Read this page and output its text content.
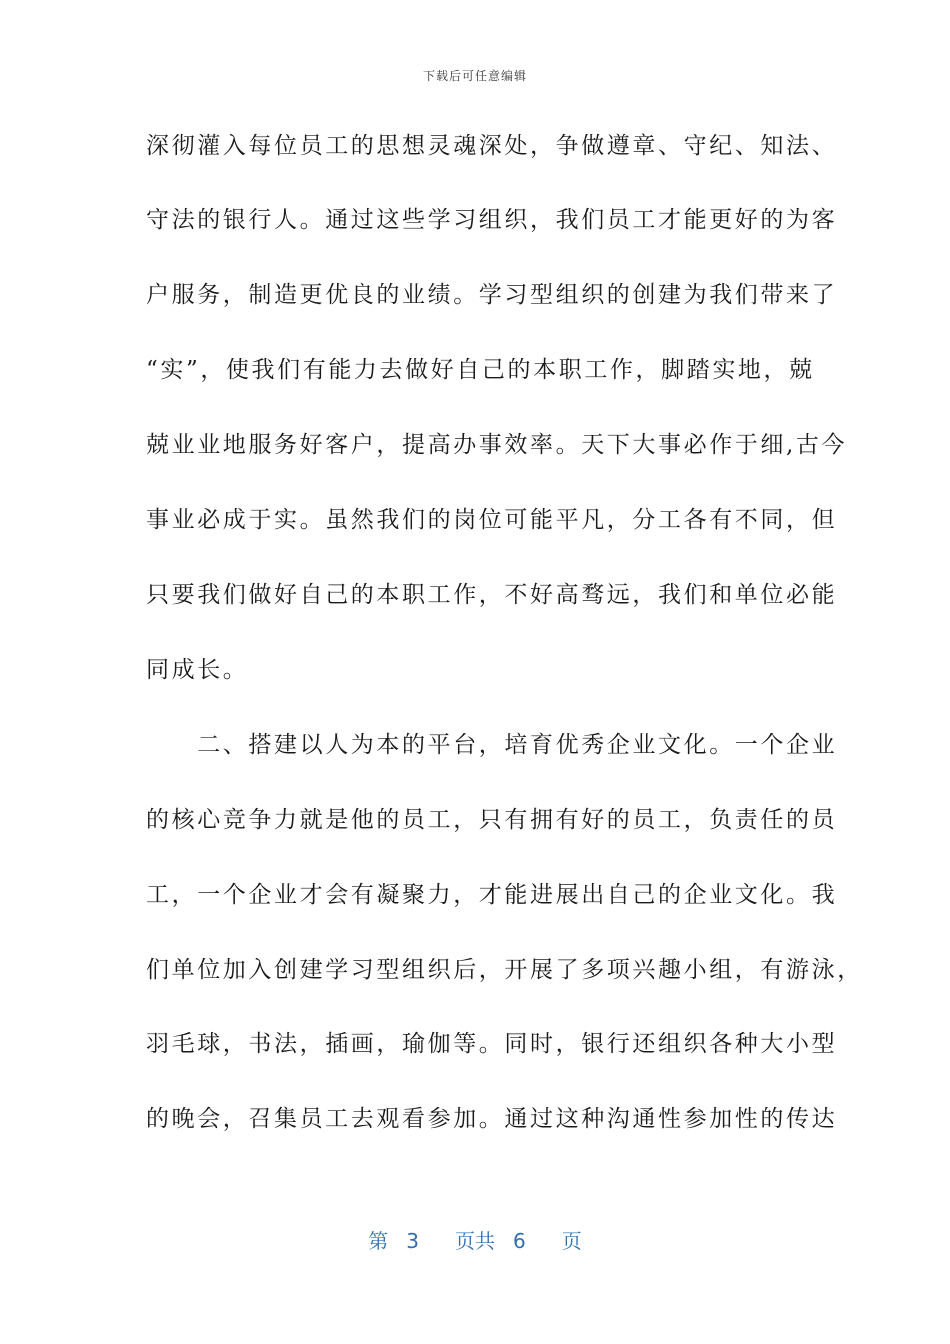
下载后可任意编辑
深彻灌入每位员工的思想灵魂深处，争做遵章、守纪、知法、
守法的银行人。通过这些学习组织，我们员工才能更好的为客
户服务，制造更优良的业绩。学习型组织的创建为我们带来了
“实”，使我们有能力去做好自己的本职工作，脚踏实地，兢
兢业业地服务好客户，提高办事效率。天下大事必作于细,古今
事业必成于实。虽然我们的岗位可能平凡，分工各有不同，但
只要我们做好自己的本职工作，不好高骛远，我们和单位必能
同成长。
　　二、搭建以人为本的平台，培育优秀企业文化。一个企业
的核心竞争力就是他的员工，只有拥有好的员工，负责任的员
工，一个企业才会有凝聚力，才能进展出自己的企业文化。我
们单位加入创建学习型组织后，开展了多项兴趣小组，有游泳，
羽毛球，书法，插画，瑜伽等。同时，银行还组织各种大小型
的晚会，召集员工去观看参加。通过这种沟通性参加性的传达
第 3 页共 6 页
